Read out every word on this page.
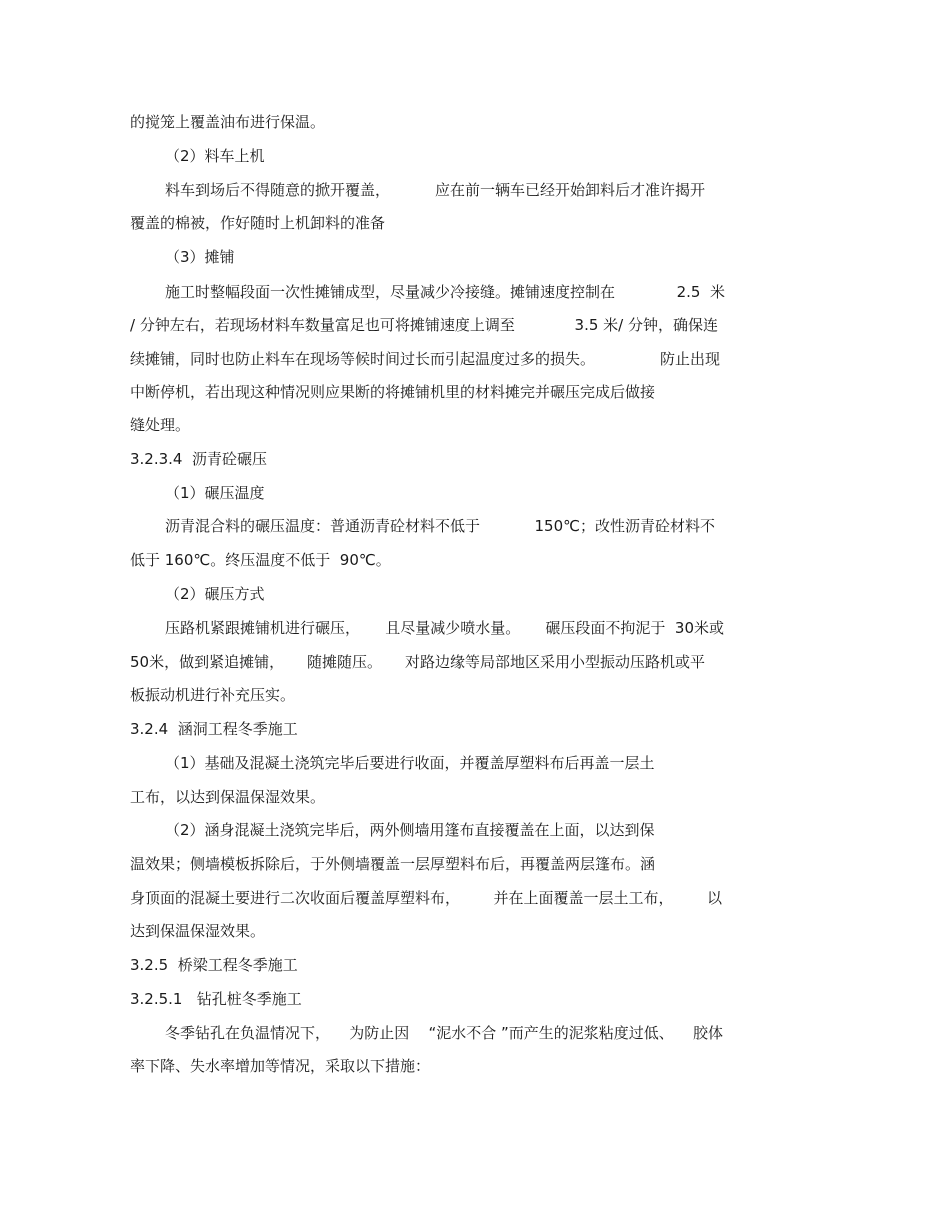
的搅笼上覆盖油布进行保温。
（2）料车上机
料车到场后不得随意的掀开覆盖，	应在前一辆车已经开始卸料后才准许揭开
覆盖的棉被，作好随时上机卸料的准备
（3）摊铺
施工时整幅段面一次性摊铺成型，尽量减少冷接缝。摊铺速度控制在	2.5  米
/ 分钟左右，若现场材料车数量富足也可将摊铺速度上调至	3.5 米/ 分钟，确保连
续摊铺，同时也防止料车在现场等候时间过长而引起温度过多的损失。	防止出现
中断停机，若出现这种情况则应果断的将摊铺机里的材料摊完并碾压完成后做接
缝处理。
3.2.3.4  沥青砼碾压
（1）碾压温度
沥青混合料的碾压温度：普通沥青砼材料不低于	150℃；改性沥青砼材料不
低于 160℃。终压温度不低于  90℃。
（2）碾压方式
压路机紧跟摊铺机进行碾压， 且尽量减少喷水量。 碾压段面不拘泥于  30米或
50米，做到紧追摊铺， 随摊随压。 对路边缘等局部地区采用小型振动压路机或平
板振动机进行补充压实。
3.2.4  涵洞工程冬季施工
（1）基础及混凝土浇筑完毕后要进行收面，并覆盖厚塑料布后再盖一层土
工布，以达到保温保湿效果。
（2）涵身混凝土浇筑完毕后，两外侧墙用篷布直接覆盖在上面，以达到保
温效果；侧墙模板拆除后，于外侧墙覆盖一层厚塑料布后，再覆盖两层篷布。涵
身顶面的混凝土要进行二次收面后覆盖厚塑料布， 并在上面覆盖一层土工布， 以
达到保温保湿效果。
3.2.5  桥梁工程冬季施工
3.2.5.1   钻孔桩冬季施工
冬季钻孔在负温情况下， 为防止因 “泥水不合 ”而产生的泥浆粘度过低、 胶体
率下降、失水率增加等情况，采取以下措施：
